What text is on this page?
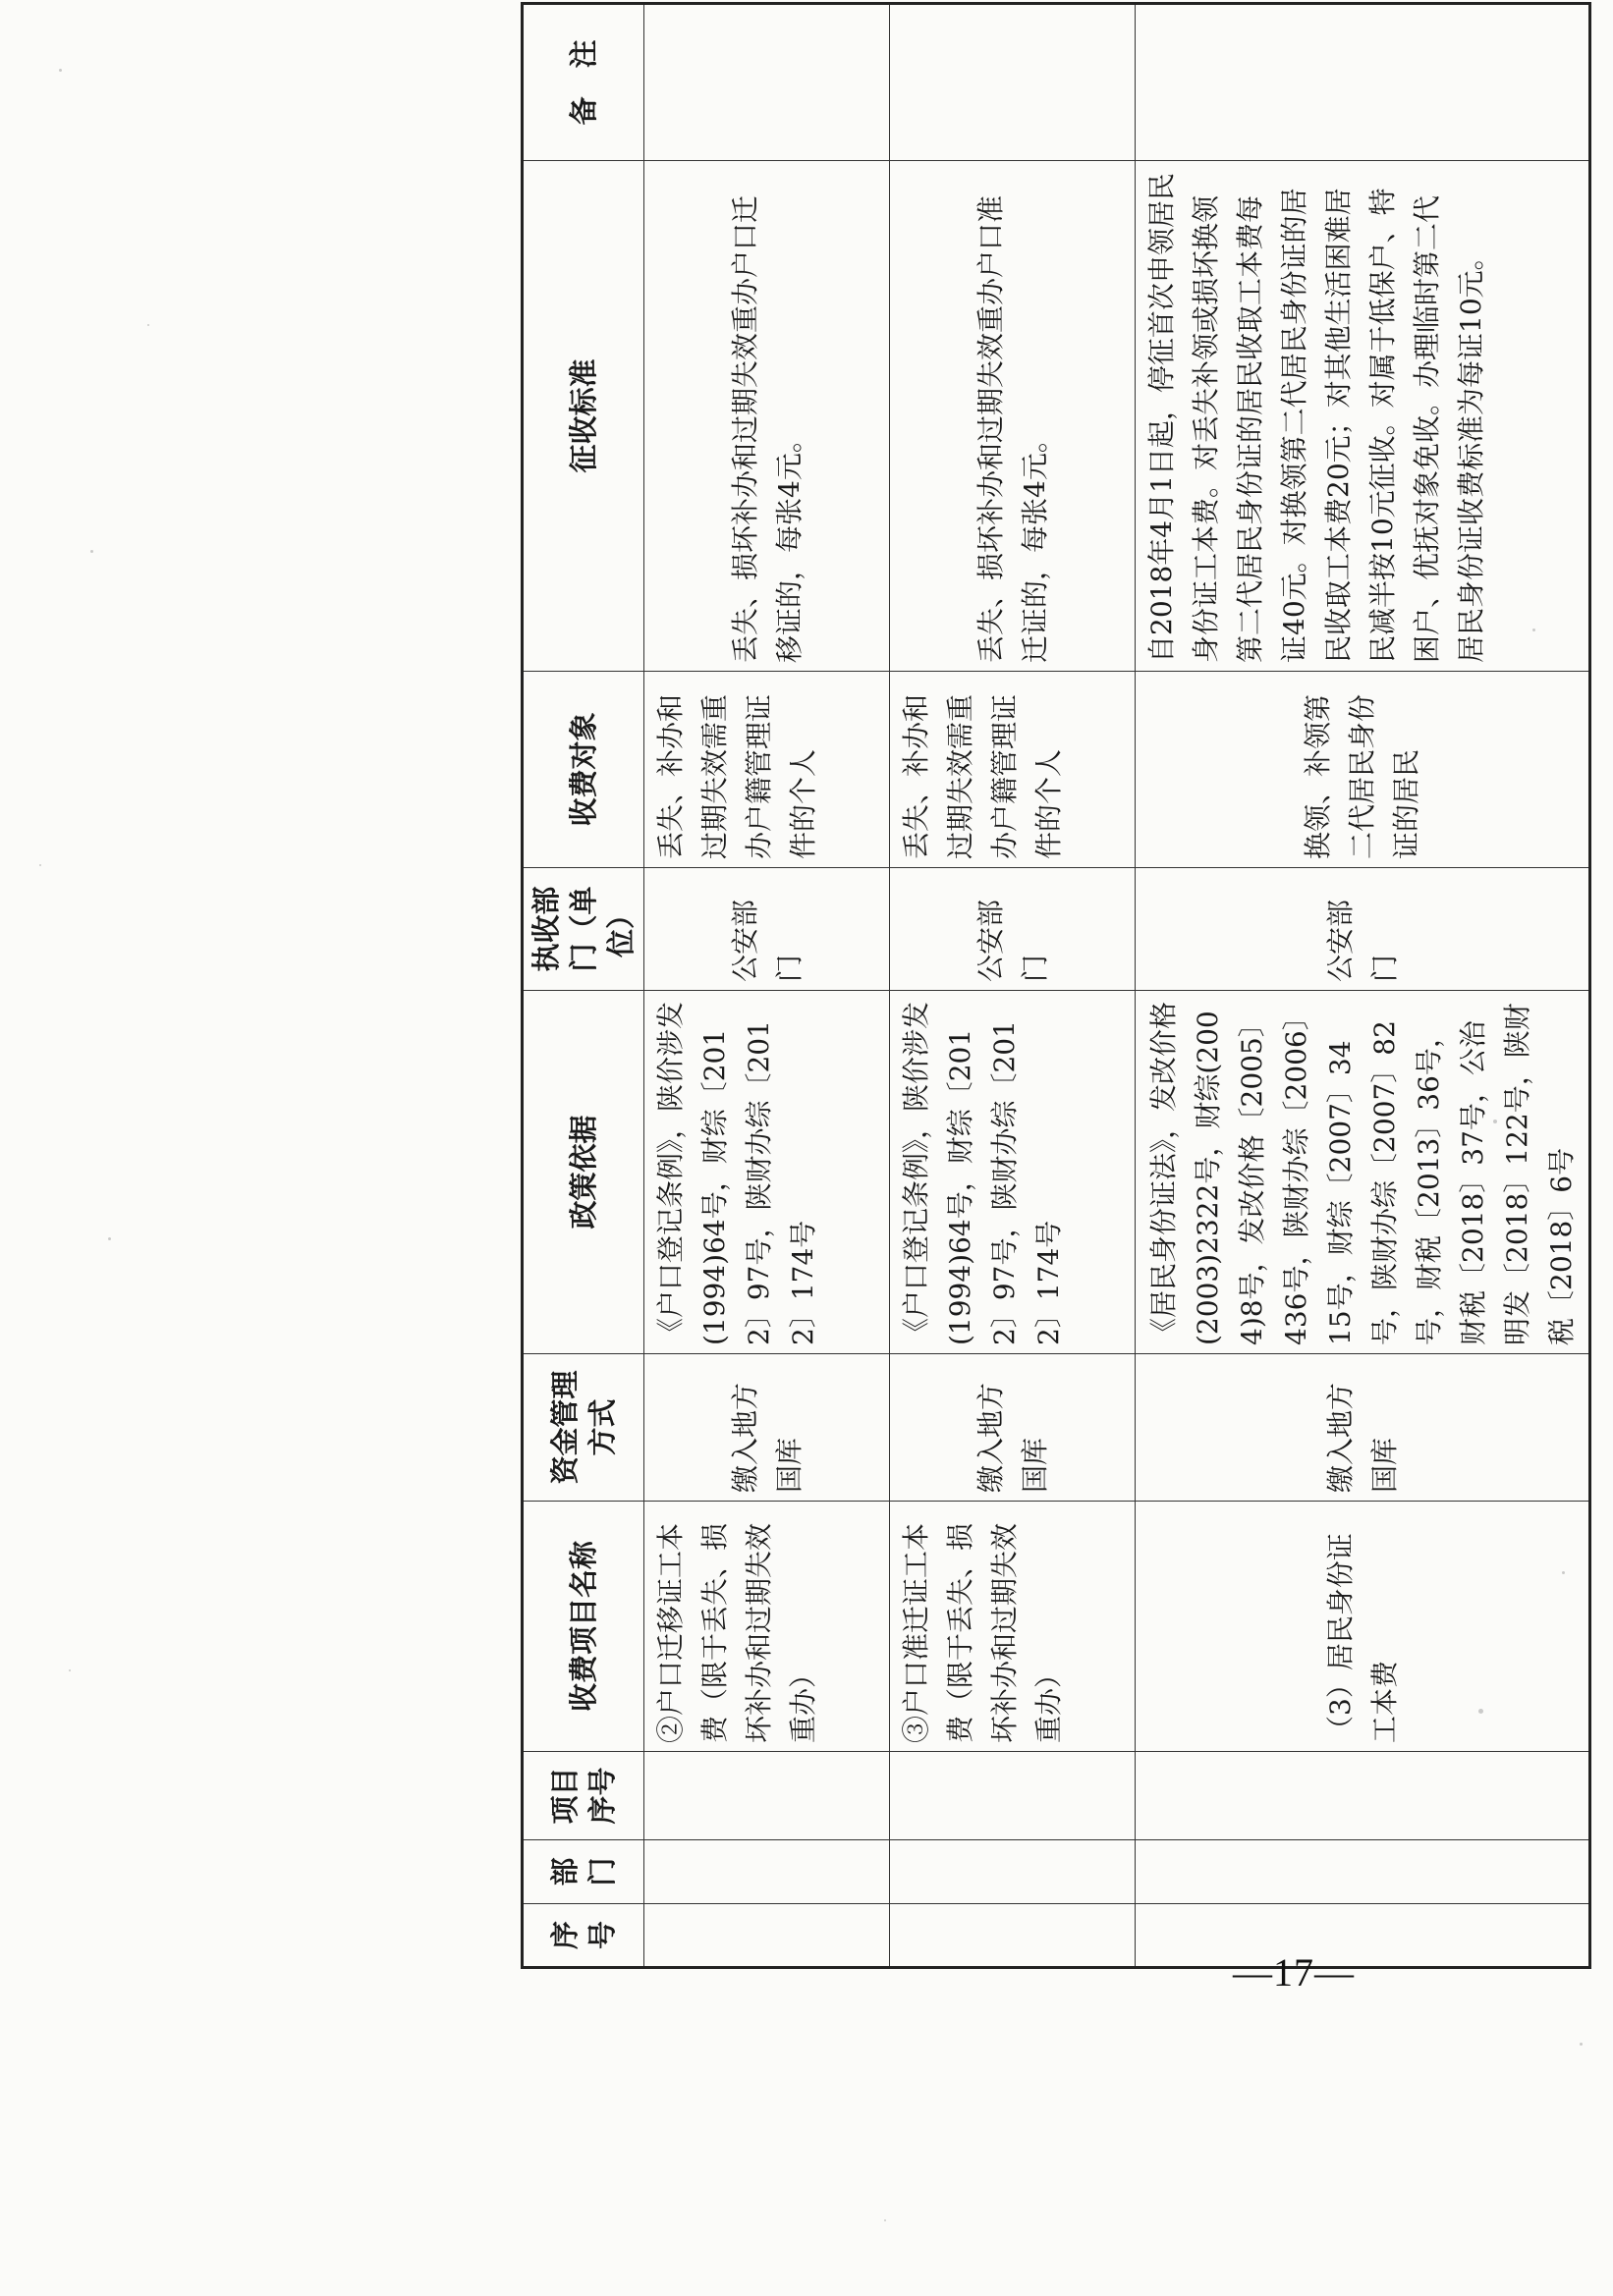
序号	部门	项目序号	收费项目名称	资金管理方式	政策依据	执收部门（单位）	收费对象	征收标准	备　注
			②户口迁移证工本费（限于丢失、损坏补办和过期失效重办）	缴入地方国库	《户口登记条例》，陕价涉发(1994)64号，财综〔2012〕97号，陕财办综〔2012〕174号	公安部门	丢失、补办和过期失效需重办户籍管理证件的个人	丢失、损坏补办和过期失效重办户口迁移证的，每张4元。	
			③户口准迁证工本费（限于丢失、损坏补办和过期失效重办）	缴入地方国库	《户口登记条例》，陕价涉发(1994)64号，财综〔2012〕97号，陕财办综〔2012〕174号	公安部门	丢失、补办和过期失效需重办户籍管理证件的个人	丢失、损坏补办和过期失效重办户口准迁证的，每张4元。	
			（3）居民身份证工本费	缴入地方国库	《居民身份证法》，发改价格(2003)2322号，财综(2004)8号，发改价格〔2005〕436号，陕财办综〔2006〕15号，财综〔2007〕34号，陕财办综〔2007〕82号，财税〔2013〕36号，财税〔2018〕37号，公治明发〔2018〕122号，陕财税〔2018〕6号	公安部门	换领、补领第二代居民身份证的居民	自2018年4月1日起，停征首次申领居民身份证工本费。对丢失补领或损坏换领第二代居民身份证的居民收取工本费每证40元。对换领第二代居民身份证的居民收取工本费20元；对其他生活困难居民减半按10元征收。对属于低保户、特困户、优抚对象免收。办理临时第二代居民身份证收费标准为每证10元。	
—17—
